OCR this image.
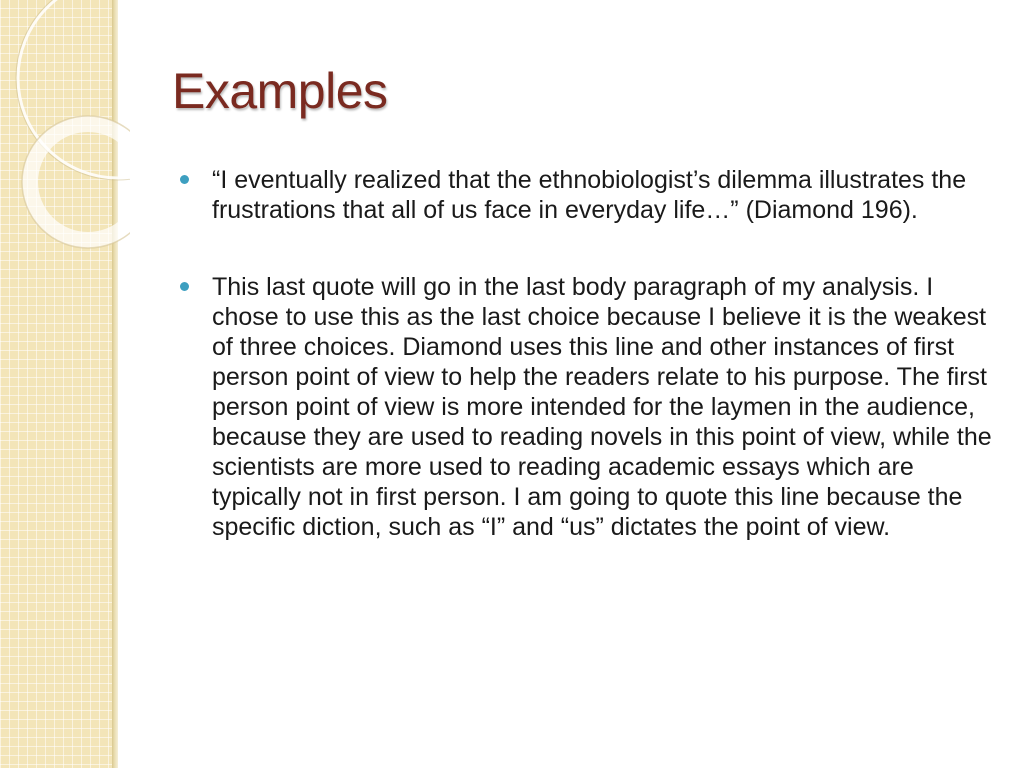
Examples
“I eventually realized that the ethnobiologist’s dilemma illustrates the frustrations that all of us face in everyday life…” (Diamond 196).
This last quote will go in the last body paragraph of my analysis. I chose to use this as the last choice because I believe it is the weakest of three choices. Diamond uses this line and other instances of first person point of view to help the readers relate to his purpose. The first person point of view is more intended for the laymen in the audience, because they are used to reading novels in this point of view, while the scientists are more used to reading academic essays which are typically not in first person. I am going to quote this line because the specific diction, such as “I” and “us” dictates the point of view.
